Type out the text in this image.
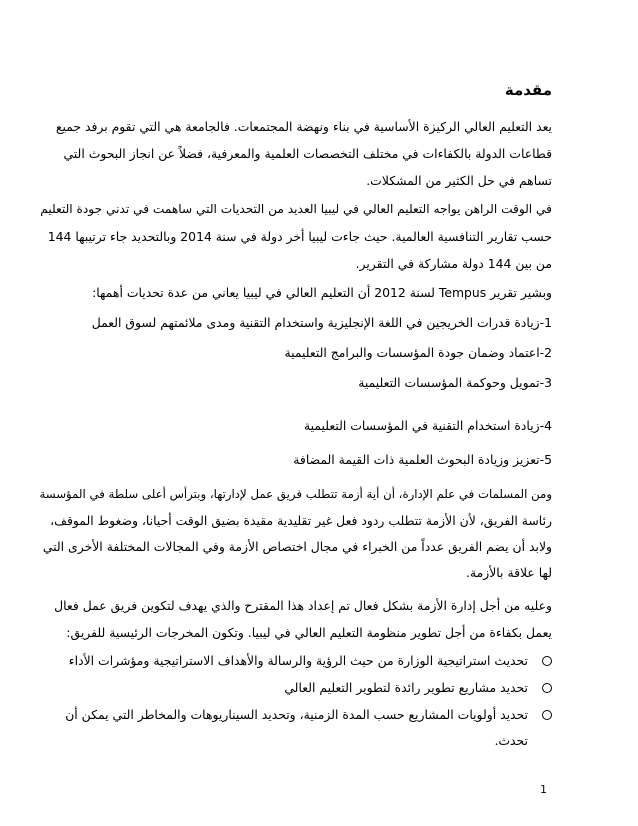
مقدمة
يعد التعليم العالي الركيزة الأساسية في بناء ونهضة المجتمعات. فالجامعة هي التي تقوم برفد جميع
قطاعات الدولة بالكفاءات في مختلف التخصصات العلمية والمعرفية، فضلاً عن انجاز البحوث التي
تساهم في حل الكثير من المشكلات.
في الوقت الراهن يواجه التعليم العالي في ليبيا العديد من التحديات التي ساهمت في تدني جودة التعليم
حسب تقارير التنافسية العالمية. حيث جاءت ليبيا أخر دولة في سنة 2014 وبالتحديد جاء ترتيبها 144
من بين 144 دولة مشاركة في التقرير.
وبشير تقرير Tempus لسنة 2012 أن التعليم العالي في ليبيا يعاني من عدة تحديات أهمها:
1-زيادة قدرات الخريجين في اللغة الإنجليزية واستخدام التقنية ومدى ملائمتهم لسوق العمل
2-اعتماد وضمان جودة المؤسسات والبرامج التعليمية
3-تمويل وحوكمة المؤسسات التعليمية
4-زيادة استخدام التقنية في المؤسسات التعليمية
5-تعزيز وزيادة البحوث العلمية ذات القيمة المضافة
ومن المسلمات في علم الإدارة، أن أية أزمة تتطلب فريق عمل لإدارتها، وبترأس أعلى سلطة في المؤسسة
رئاسة الفريق، لأن الأزمة تتطلب ردود فعل غير تقليدية مقيدة بضيق الوقت أحيانا، وضغوط الموقف،
ولابد أن يضم الفريق عدداً من الخبراء في مجال اختصاص الأزمة وفي المجالات المختلفة الأخرى التي
لها علاقة بالأزمة.
وعليه من أجل إدارة الأزمة بشكل فعال تم إعداد هذا المقترح والذي يهدف لتكوين فريق عمل فعال
يعمل بكفاءة من أجل تطوير منظومة التعليم العالي في ليبيا. وتكون المخرجات الرئيسية للفريق:
تحديث استراتيجية الوزارة من حيث الرؤية والرسالة والأهداف الاستراتيجية ومؤشرات الأداء
تحديد مشاريع تطوير رائدة لتطوير التعليم العالي
تحديد أولويات المشاريع حسب المدة الزمنية، وتحديد السيناريوهات والمخاطر التي يمكن أن
تحدث.
1
